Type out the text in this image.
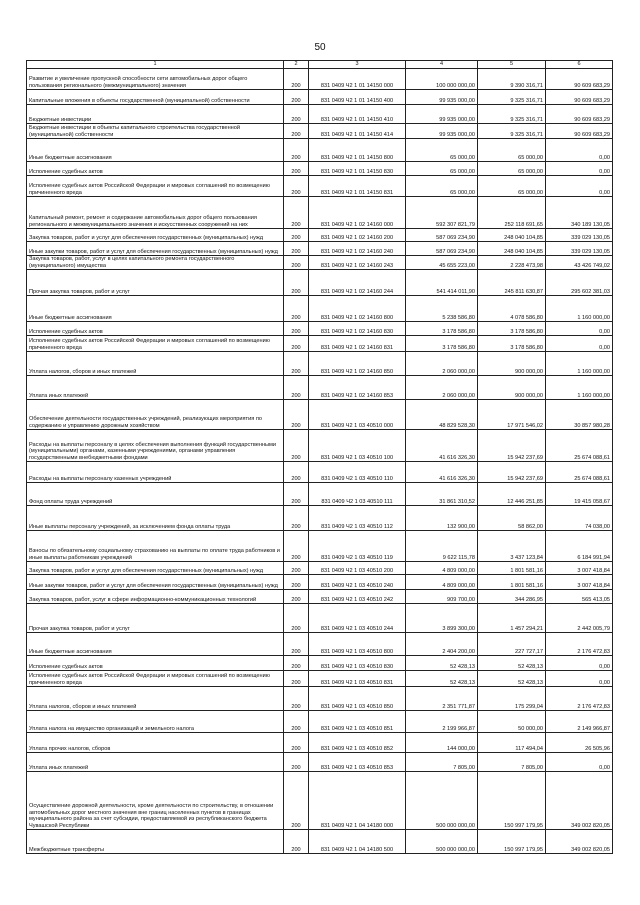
50
1	2	3	4	5	6
Развитие и увеличение пропускной способности сети автомобильных дорог общего пользования регионального (межмуниципального) значения	200	831 0409 Ч2 1 01 14150 000	100 000 000,00	9 390 316,71	90 609 683,29
Капитальные вложения в объекты государственной (муниципальной) собственности	200	831 0409 Ч2 1 01 14150 400	99 935 000,00	9 325 316,71	90 609 683,29
Бюджетные инвестиции	200	831 0409 Ч2 1 01 14150 410	99 935 000,00	9 325 316,71	90 609 683,29
Бюджетные инвестиции в объекты капитального строительства государственной (муниципальной) собственности	200	831 0409 Ч2 1 01 14150 414	99 935 000,00	9 325 316,71	90 609 683,29
Иные бюджетные ассигнования	200	831 0409 Ч2 1 01 14150 800	65 000,00	65 000,00	0,00
Исполнение судебных актов	200	831 0409 Ч2 1 01 14150 830	65 000,00	65 000,00	0,00
Исполнение судебных актов Российской Федерации и мировых соглашений по возмещению причиненного вреда	200	831 0409 Ч2 1 01 14150 831	65 000,00	65 000,00	0,00
Капитальный ремонт, ремонт и содержание автомобильных дорог общего пользования регионального и межмуниципального значения и искусственных сооружений на них	200	831 0409 Ч2 1 02 14160 000	592 307 821,79	252 118 691,65	340 189 130,05
Закупка товаров, работ и услуг для обеспечения государственных (муниципальных) нужд	200	831 0409 Ч2 1 02 14160 200	587 069 234,90	248 040 104,85	339 029 130,05
Иные закупки товаров, работ и услуг для обеспечения государственных (муниципальных) нужд	200	831 0409 Ч2 1 02 14160 240	587 069 234,90	248 040 104,85	339 029 130,05
Закупка товаров, работ, услуг в целях капитального ремонта государственного (муниципального) имущества	200	831 0409 Ч2 1 02 14160 243	45 655 223,00	2 228 473,98	43 426 749,02
Прочая закупка товаров, работ и услуг	200	831 0409 Ч2 1 02 14160 244	541 414 011,90	245 811 630,87	295 602 381,03
Иные бюджетные ассигнования	200	831 0409 Ч2 1 02 14160 800	5 238 586,80	4 078 586,80	1 160 000,00
Исполнение судебных актов	200	831 0409 Ч2 1 02 14160 830	3 178 586,80	3 178 586,80	0,00
Исполнение судебных актов Российской Федерации и мировых соглашений по возмещению причиненного вреда	200	831 0409 Ч2 1 02 14160 831	3 178 586,80	3 178 586,80	0,00
Уплата налогов, сборов и иных платежей	200	831 0409 Ч2 1 02 14160 850	2 060 000,00	900 000,00	1 160 000,00
Уплата иных платежей	200	831 0409 Ч2 1 02 14160 853	2 060 000,00	900 000,00	1 160 000,00
Обеспечение деятельности государственных учреждений, реализующих мероприятия по содержанию и управлению дорожным хозяйством	200	831 0409 Ч2 1 03 40510 000	48 829 528,30	17 971 546,02	30 857 980,28
Расходы на выплаты персоналу в целях обеспечения выполнения функций государственными (муниципальными) органами, казенными учреждениями, органами управления государственными внебюджетными фондами	200	831 0409 Ч2 1 03 40510 100	41 616 326,30	15 942 237,69	25 674 088,61
Расходы на выплаты персоналу казенных учреждений	200	831 0409 Ч2 1 03 40510 110	41 616 326,30	15 942 237,69	25 674 088,61
Фонд оплаты труда учреждений	200	831 0409 Ч2 1 03 40510 111	31 861 310,52	12 446 251,85	19 415 058,67
Иные выплаты персоналу учреждений, за исключением фонда оплаты труда	200	831 0409 Ч2 1 03 40510 112	132 900,00	58 862,00	74 038,00
Взносы по обязательному социальному страхованию на выплаты по оплате труда работников и иные выплаты работникам учреждений	200	831 0409 Ч2 1 03 40510 119	9 622 115,78	3 437 123,84	6 184 991,94
Закупка товаров, работ и услуг для обеспечения государственных (муниципальных) нужд	200	831 0409 Ч2 1 03 40510 200	4 809 000,00	1 801 581,16	3 007 418,84
Иные закупки товаров, работ и услуг для обеспечения государственных (муниципальных) нужд	200	831 0409 Ч2 1 03 40510 240	4 809 000,00	1 801 581,16	3 007 418,84
Закупка товаров, работ, услуг в сфере информационно-коммуникационных технологий	200	831 0409 Ч2 1 03 40510 242	909 700,00	344 286,95	565 413,05
Прочая закупка товаров, работ и услуг	200	831 0409 Ч2 1 03 40510 244	3 899 300,00	1 457 294,21	2 442 005,79
Иные бюджетные ассигнования	200	831 0409 Ч2 1 03 40510 800	2 404 200,00	227 727,17	2 176 472,83
Исполнение судебных актов	200	831 0409 Ч2 1 03 40510 830	52 428,13	52 428,13	0,00
Исполнение судебных актов Российской Федерации и мировых соглашений по возмещению причиненного вреда	200	831 0409 Ч2 1 03 40510 831	52 428,13	52 428,13	0,00
Уплата налогов, сборов и иных платежей	200	831 0409 Ч2 1 03 40510 850	2 351 771,87	175 299,04	2 176 472,83
Уплата налога на имущество организаций и земельного налога	200	831 0409 Ч2 1 03 40510 851	2 199 966,87	50 000,00	2 149 966,87
Уплата прочих налогов, сборов	200	831 0409 Ч2 1 03 40510 852	144 000,00	117 494,04	26 505,96
Уплата иных платежей	200	831 0409 Ч2 1 03 40510 853	7 805,00	7 805,00	0,00
Осуществление дорожной деятельности, кроме деятельности по строительству, в отношении автомобильных дорог местного значения вне границ населенных пунктов в границах муниципального района за счет субсидии, предоставляемой из республиканского бюджета Чувашской Республики	200	831 0409 Ч2 1 04 14180 000	500 000 000,00	150 997 179,95	349 002 820,05
Межбюджетные трансферты	200	831 0409 Ч2 1 04 14180 500	500 000 000,00	150 997 179,95	349 002 820,05
